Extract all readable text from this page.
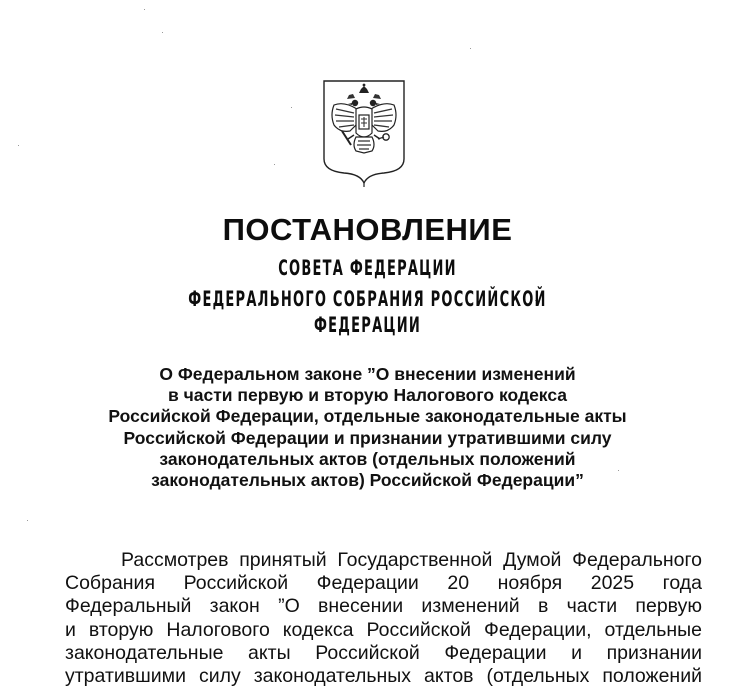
ПОСТАНОВЛЕНИЕ
СОВЕТА ФЕДЕРАЦИИ
ФЕДЕРАЛЬНОГО СОБРАНИЯ РОССИЙСКОЙ ФЕДЕРАЦИИ
О Федеральном законе ”О внесении изменений
в части первую и вторую Налогового кодекса
Российской Федерации, отдельные законодательные акты
Российской Федерации и признании утратившими силу
законодательных актов (отдельных положений
законодательных актов) Российской Федерации”
Рассмотрев принятый Государственной Думой Федерального
Собрания Российской Федерации 20 ноября 2025 года
Федеральный закон ”О внесении изменений в части первую
и вторую Налогового кодекса Российской Федерации, отдельные
законодательные акты Российской Федерации и признании
утратившими силу законодательных актов (отдельных положений
